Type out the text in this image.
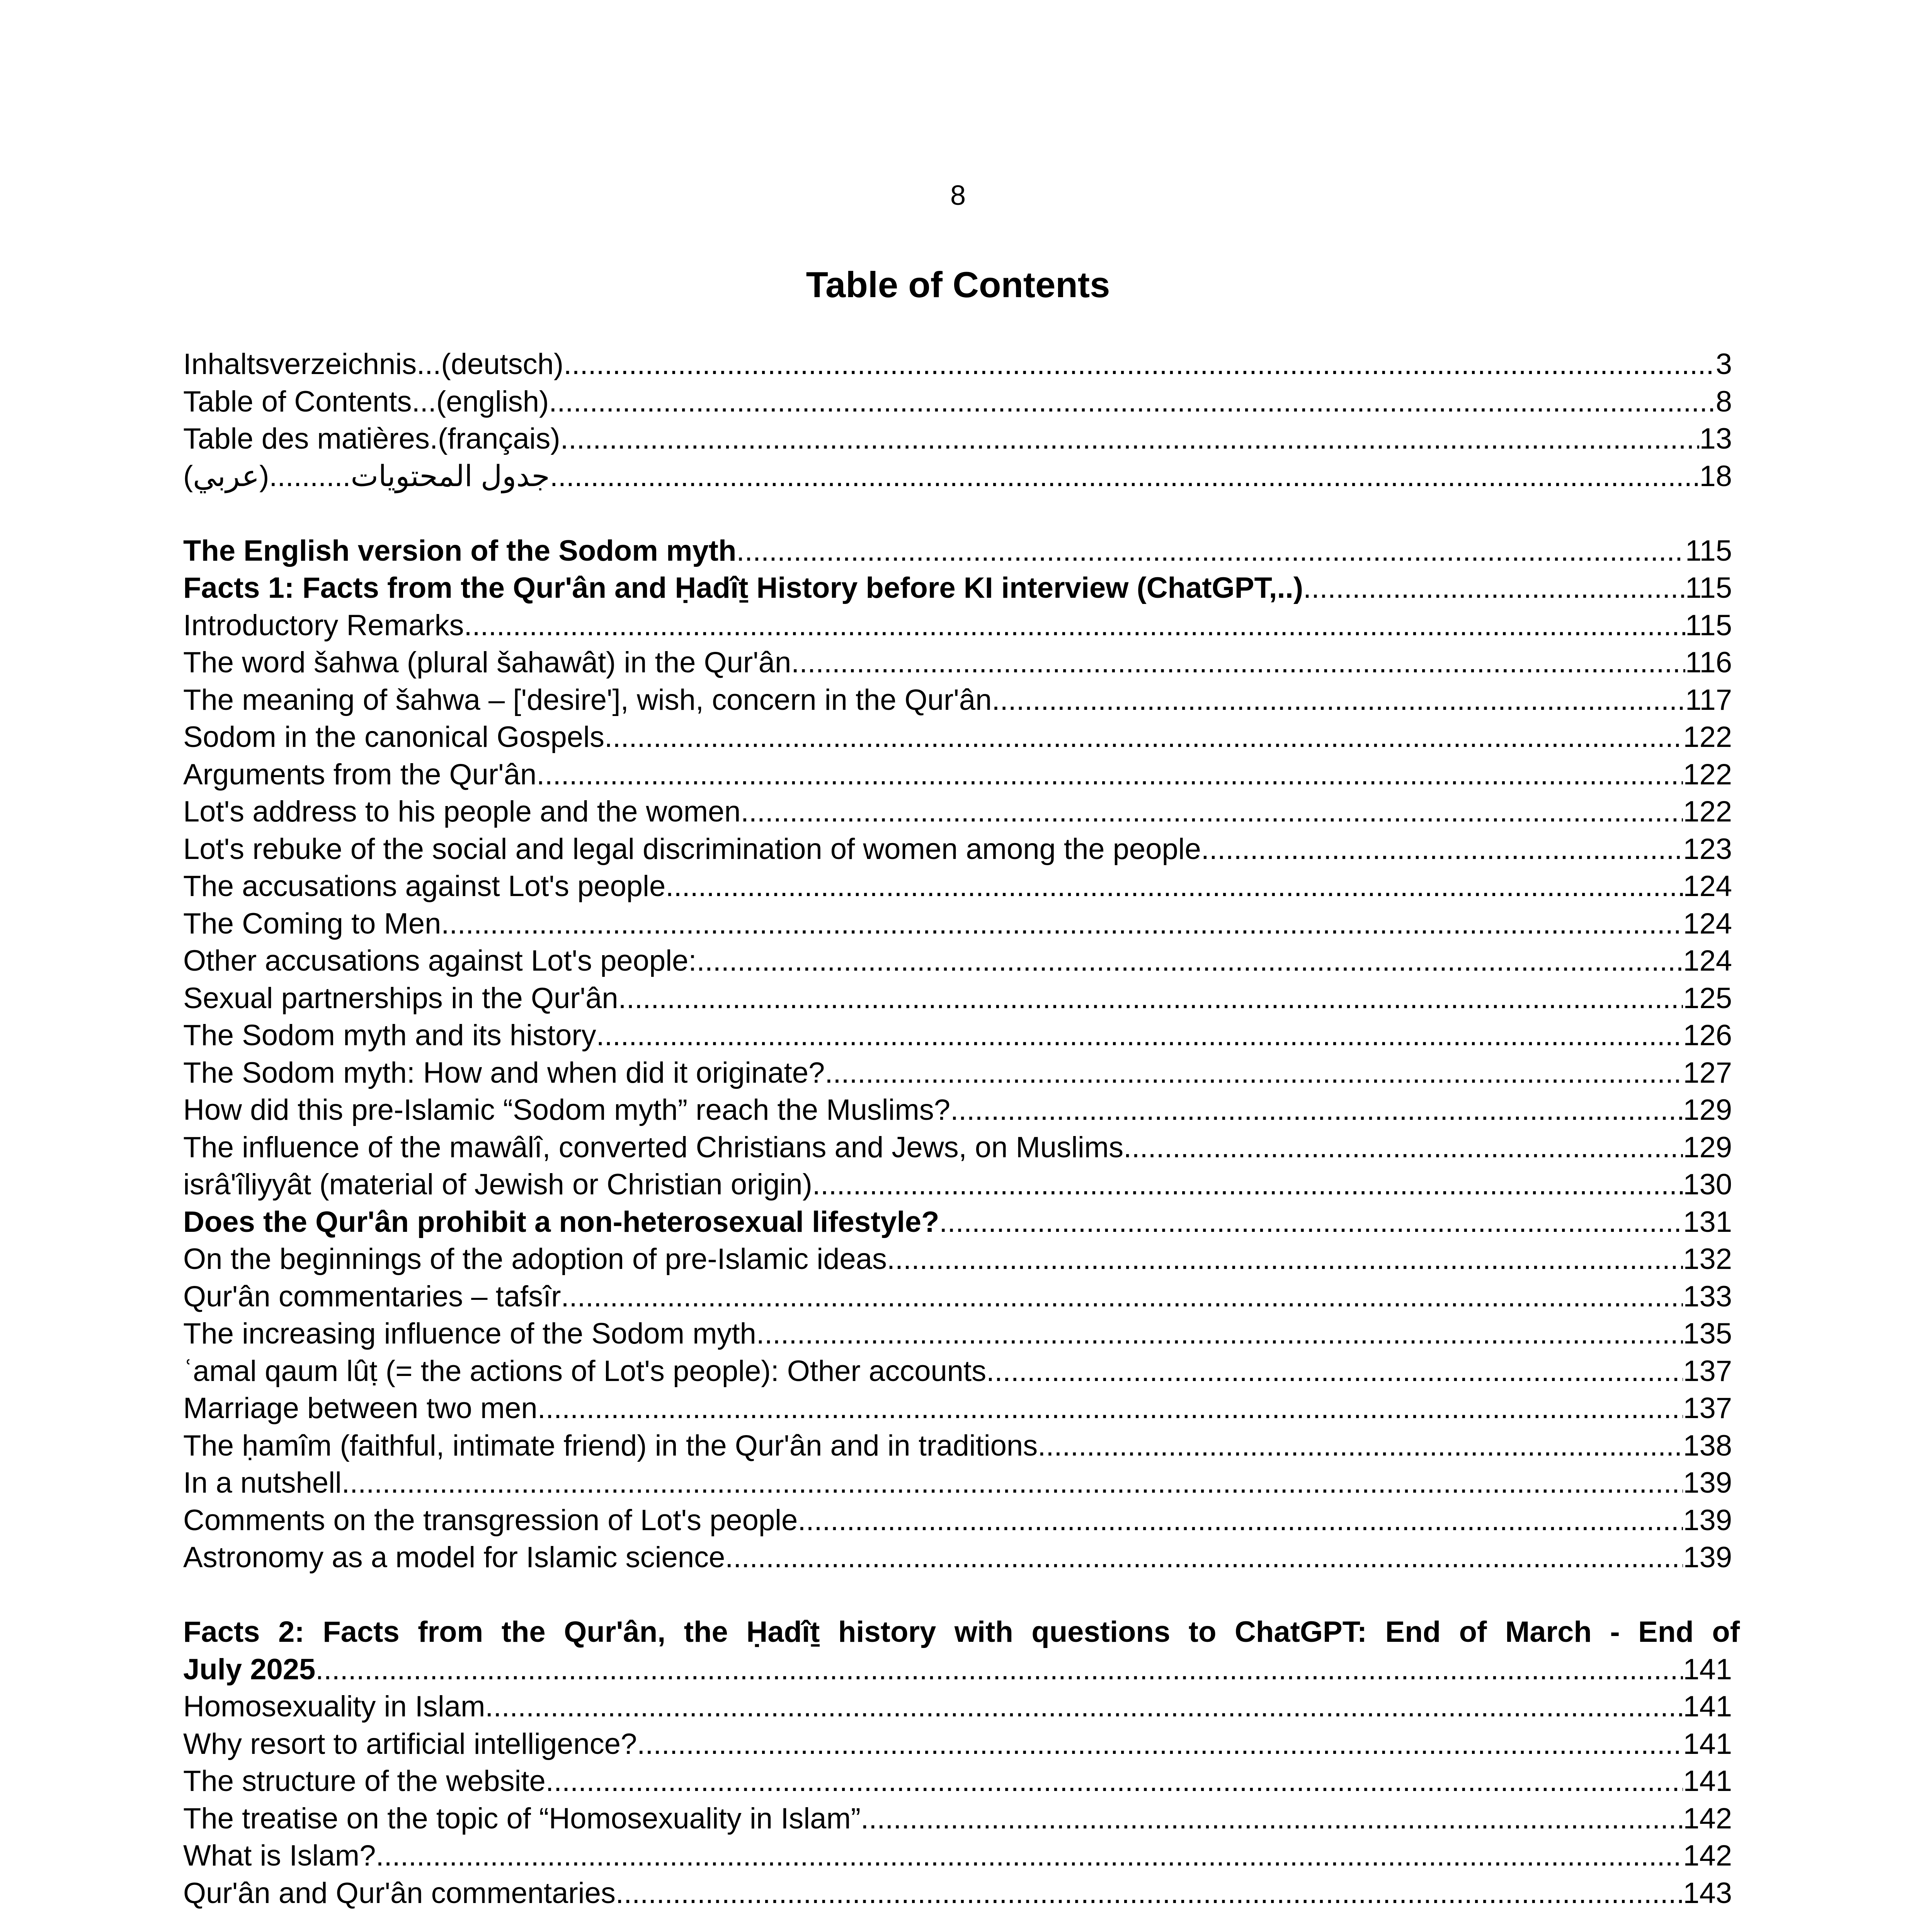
8
Table of Contents
Inhaltsverzeichnis...(deutsch) .....	3
Table of Contents...(english) .....	8
Table des matières.(français) .....	13
جدول المحتويات..........(عربي) .....	18
The English version of the Sodom myth .....	115
Facts 1: Facts from the Qur'ân and Ḥadîṯ History before KI interview (ChatGPT,..) .....	115
Introductory Remarks .....	115
The word šahwa (plural šahawât) in the Qur'ân .....	116
The meaning of šahwa – ['desire'], wish, concern in the Qur'ân .....	117
Sodom in the canonical Gospels .....	122
Arguments from the Qur'ân .....	122
Lot's address to his people and the women .....	122
Lot's rebuke of the social and legal discrimination of women among the people .....	123
The accusations against Lot's people .....	124
The Coming to Men .....	124
Other accusations against Lot's people: .....	124
Sexual partnerships in the Qur'ân .....	125
The Sodom myth and its history .....	126
The Sodom myth: How and when did it originate? .....	127
How did this pre-Islamic “Sodom myth” reach the Muslims? .....	129
The influence of the mawâlî, converted Christians and Jews, on Muslims .....	129
isrâ'îliyyât (material of Jewish or Christian origin) .....	130
Does the Qur'ân prohibit a non-heterosexual lifestyle? .....	131
On the beginnings of the adoption of pre-Islamic ideas .....	132
Qur'ân commentaries – tafsîr .....	133
The increasing influence of the Sodom myth .....	135
ʿamal qaum lûṭ (= the actions of Lot's people): Other accounts .....	137
Marriage between two men .....	137
The ḥamîm (faithful, intimate friend) in the Qur'ân and in traditions .....	138
In a nutshell .....	139
Comments on the transgression of Lot's people .....	139
Astronomy as a model for Islamic science .....	139
Facts 2: Facts from the Qur'ân, the Ḥadîṯ history with questions to ChatGPT: End of March - End of
July 2025 .....	141
Homosexuality in Islam .....	141
Why resort to artificial intelligence? .....	141
The structure of the website .....	141
The treatise on the topic of “Homosexuality in Islam” .....	142
What is Islam? .....	142
Qur'ân and Qur'ân commentaries .....	143
